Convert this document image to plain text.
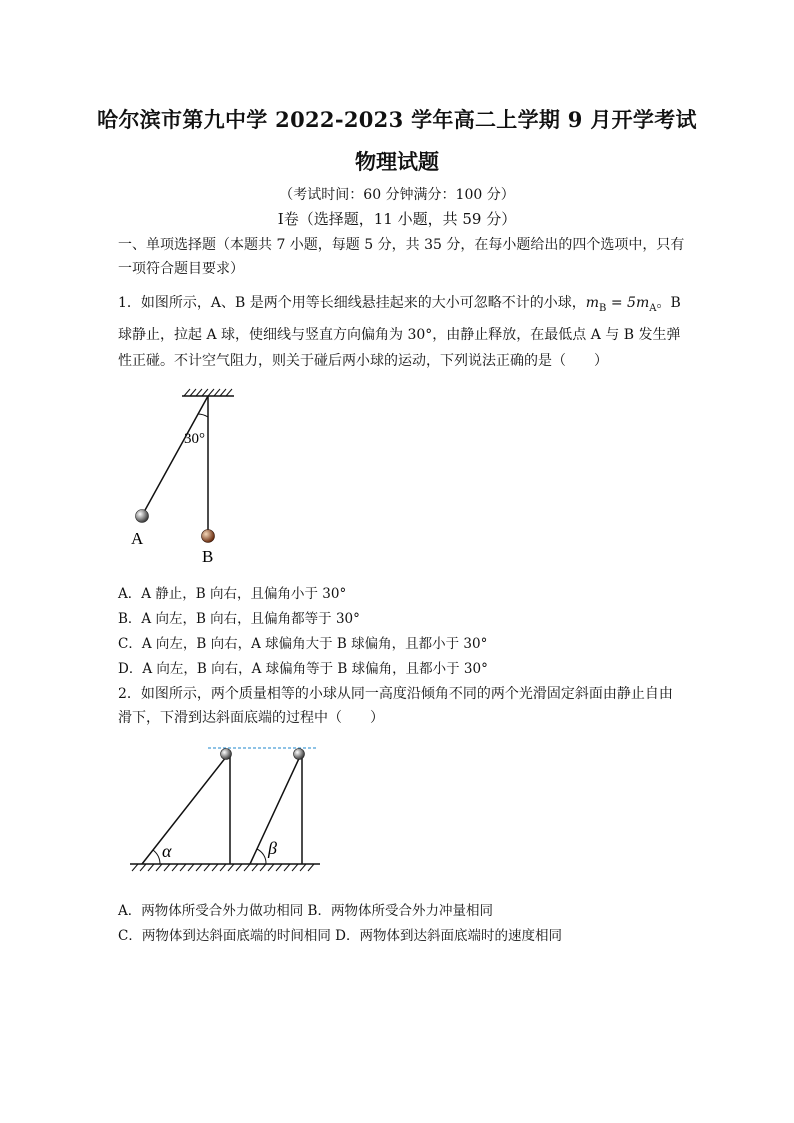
哈尔滨市第九中学 2022-2023 学年高二上学期 9 月开学考试
物理试题
（考试时间：60 分钟满分：100 分）
Ⅰ卷（选择题，11 小题，共 59 分）
一、单项选择题（本题共 7 小题，每题 5 分，共 35 分，在每小题给出的四个选项中，只有
一项符合题目要求）
1．如图所示，A、B 是两个用等长细线悬挂起来的大小可忽略不计的小球，$m_B = 5m_A$。B
球静止，拉起 A 球，使细线与竖直方向偏角为 30°，由静止释放，在最低点 A 与 B 发生弹
性正碰。不计空气阻力，则关于碰后两小球的运动，下列说法正确的是（　　）
30°
A
B
A．A 静止，B 向右，且偏角小于 30°
B．A 向左，B 向右，且偏角都等于 30°
C．A 向左，B 向右，A 球偏角大于 B 球偏角，且都小于 30°
D．A 向左，B 向右，A 球偏角等于 B 球偏角，且都小于 30°
2．如图所示，两个质量相等的小球从同一高度沿倾角不同的两个光滑固定斜面由静止自由
滑下，下滑到达斜面底端的过程中（　　）
α	β
A．两物体所受合外力做功相同 B．两物体所受合外力冲量相同
C．两物体到达斜面底端的时间相同 D．两物体到达斜面底端时的速度相同
